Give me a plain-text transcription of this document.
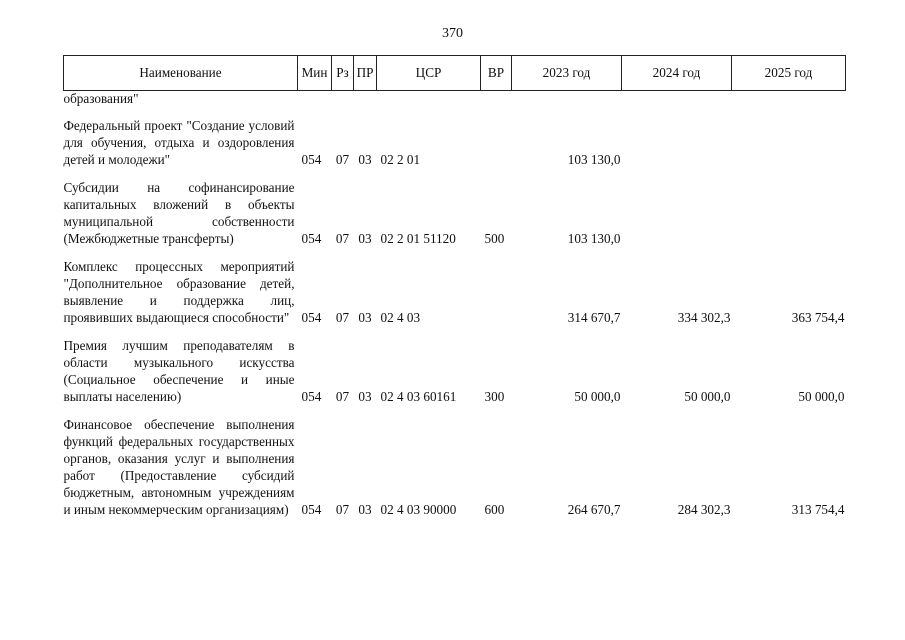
370
Наименование	Мин	Рз	ПР	ЦСР	ВР	2023 год	2024 год	2025 год
образования"								

Федеральный проект "Создание условий для обучения, отдыха и оздоровления детей и молодежи"	054	07	03	02 2 01		103 130,0		

Субсидии на софинансирование капитальных вложений в объекты муниципальной собственности (Межбюджетные трансферты)	054	07	03	02 2 01 51120	500	103 130,0		

Комплекс процессных мероприятий "Дополнительное образование детей, выявление и поддержка лиц, проявивших выдающиеся способности"	054	07	03	02 4 03		314 670,7	334 302,3	363 754,4

Премия лучшим преподавателям в области музыкального искусства (Социальное обеспечение и иные выплаты населению)	054	07	03	02 4 03 60161	300	50 000,0	50 000,0	50 000,0

Финансовое обеспечение выполнения функций федеральных государственных органов, оказания услуг и выполнения работ (Предоставление субсидий бюджетным, автономным учреждениям и иным некоммерческим организациям)	054	07	03	02 4 03 90000	600	264 670,7	284 302,3	313 754,4
